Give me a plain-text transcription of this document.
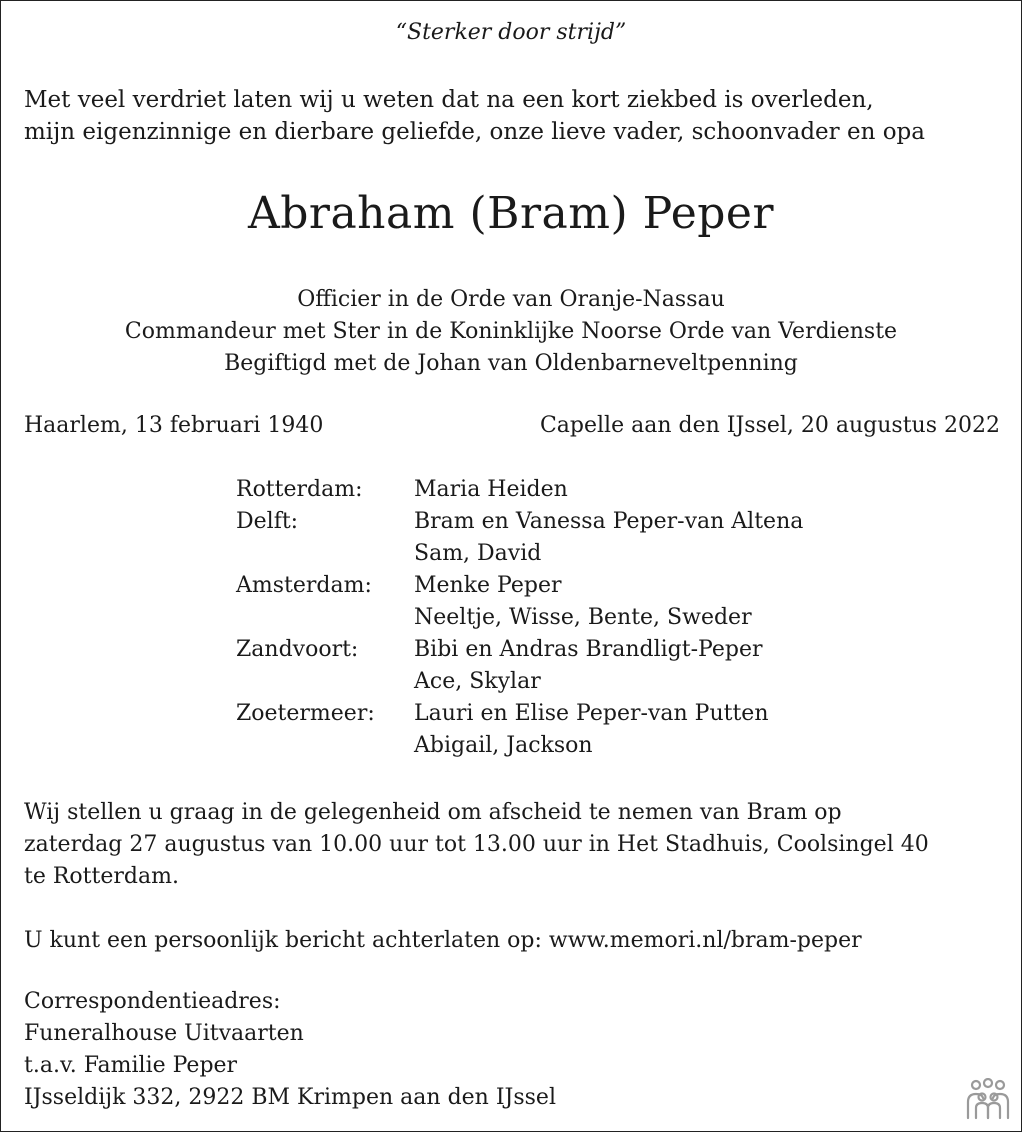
“Sterker door strijd”
Met veel verdriet laten wij u weten dat na een kort ziekbed is overleden,
mijn eigenzinnige en dierbare geliefde, onze lieve vader, schoonvader en opa
Abraham (Bram) Peper
Officier in de Orde van Oranje-Nassau
Commandeur met Ster in de Koninklijke Noorse Orde van Verdienste
Begiftigd met de Johan van Oldenbarneveltpenning
Haarlem, 13 februari 1940	Capelle aan den IJssel, 20 augustus 2022
Rotterdam: Maria Heiden
Delft:	Bram en Vanessa Peper-van Altena
Sam, David
Amsterdam: Menke Peper
Neeltje, Wisse, Bente, Sweder
Zandvoort:	Bibi en Andras Brandligt-Peper
Ace, Skylar
Zoetermeer: Lauri en Elise Peper-van Putten
Abigail, Jackson
Wij stellen u graag in de gelegenheid om afscheid te nemen van Bram op
zaterdag 27 augustus van 10.00 uur tot 13.00 uur in Het Stadhuis, Coolsingel 40
te Rotterdam.
U kunt een persoonlijk bericht achterlaten op: www.memori.nl/bram-peper
Correspondentieadres:
Funeralhouse Uitvaarten
t.a.v. Familie Peper
IJsseldijk 332, 2922 BM Krimpen aan den IJssel
